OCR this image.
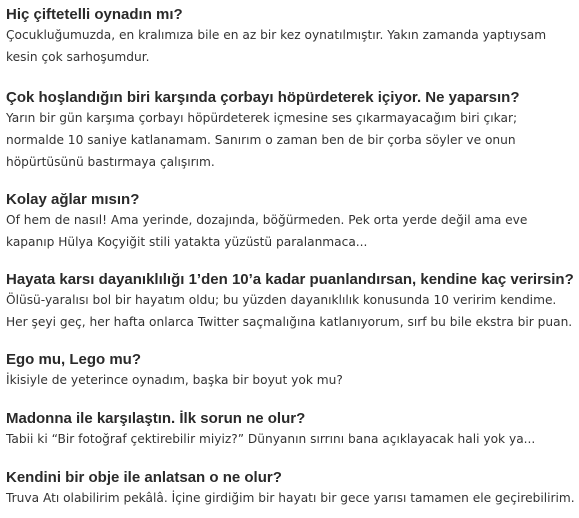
Hiç çiftetelli oynadın mı?

Çocukluğumuzda, en kralımıza bile en az bir kez oynatılmıştır. Yakın zamanda yaptıysam
kesin çok sarhoşumdur.

Çok hoşlandığın biri karşında çorbayı höpürdeterek içiyor. Ne yaparsın?

Yarın bir gün karşıma çorbayı höpürdeterek içmesine ses çıkarmayacağım biri çıkar;
normalde 10 saniye katlanamam. Sanırım o zaman ben de bir çorba söyler ve onun
höpürtüsünü bastırmaya çalışırım.

Kolay ağlar mısın?

Of hem de nasıl! Ama yerinde, dozajında, böğürmeden. Pek orta yerde değil ama eve
kapanıp Hülya Koçyiğit stili yatakta yüzüstü paralanmaca...

Hayata karsı dayanıklılığı 1’den 10’a kadar puanlandırsan, kendine kaç verirsin?

Ölüsü-yaralısı bol bir hayatım oldu; bu yüzden dayanıklılık konusunda 10 veririm kendime.
Her şeyi geç, her hafta onlarca Twitter saçmalığına katlanıyorum, sırf bu bile ekstra bir puan.

Ego mu, Lego mu?

İkisiyle de yeterince oynadım, başka bir boyut yok mu?

Madonna ile karşılaştın. İlk sorun ne olur?

Tabii ki “Bir fotoğraf çektirebilir miyiz?” Dünyanın sırrını bana açıklayacak hali yok ya...

Kendini bir obje ile anlatsan o ne olur?

Truva Atı olabilirim pekâlâ. İçine girdiğim bir hayatı bir gece yarısı tamamen ele geçirebilirim.
